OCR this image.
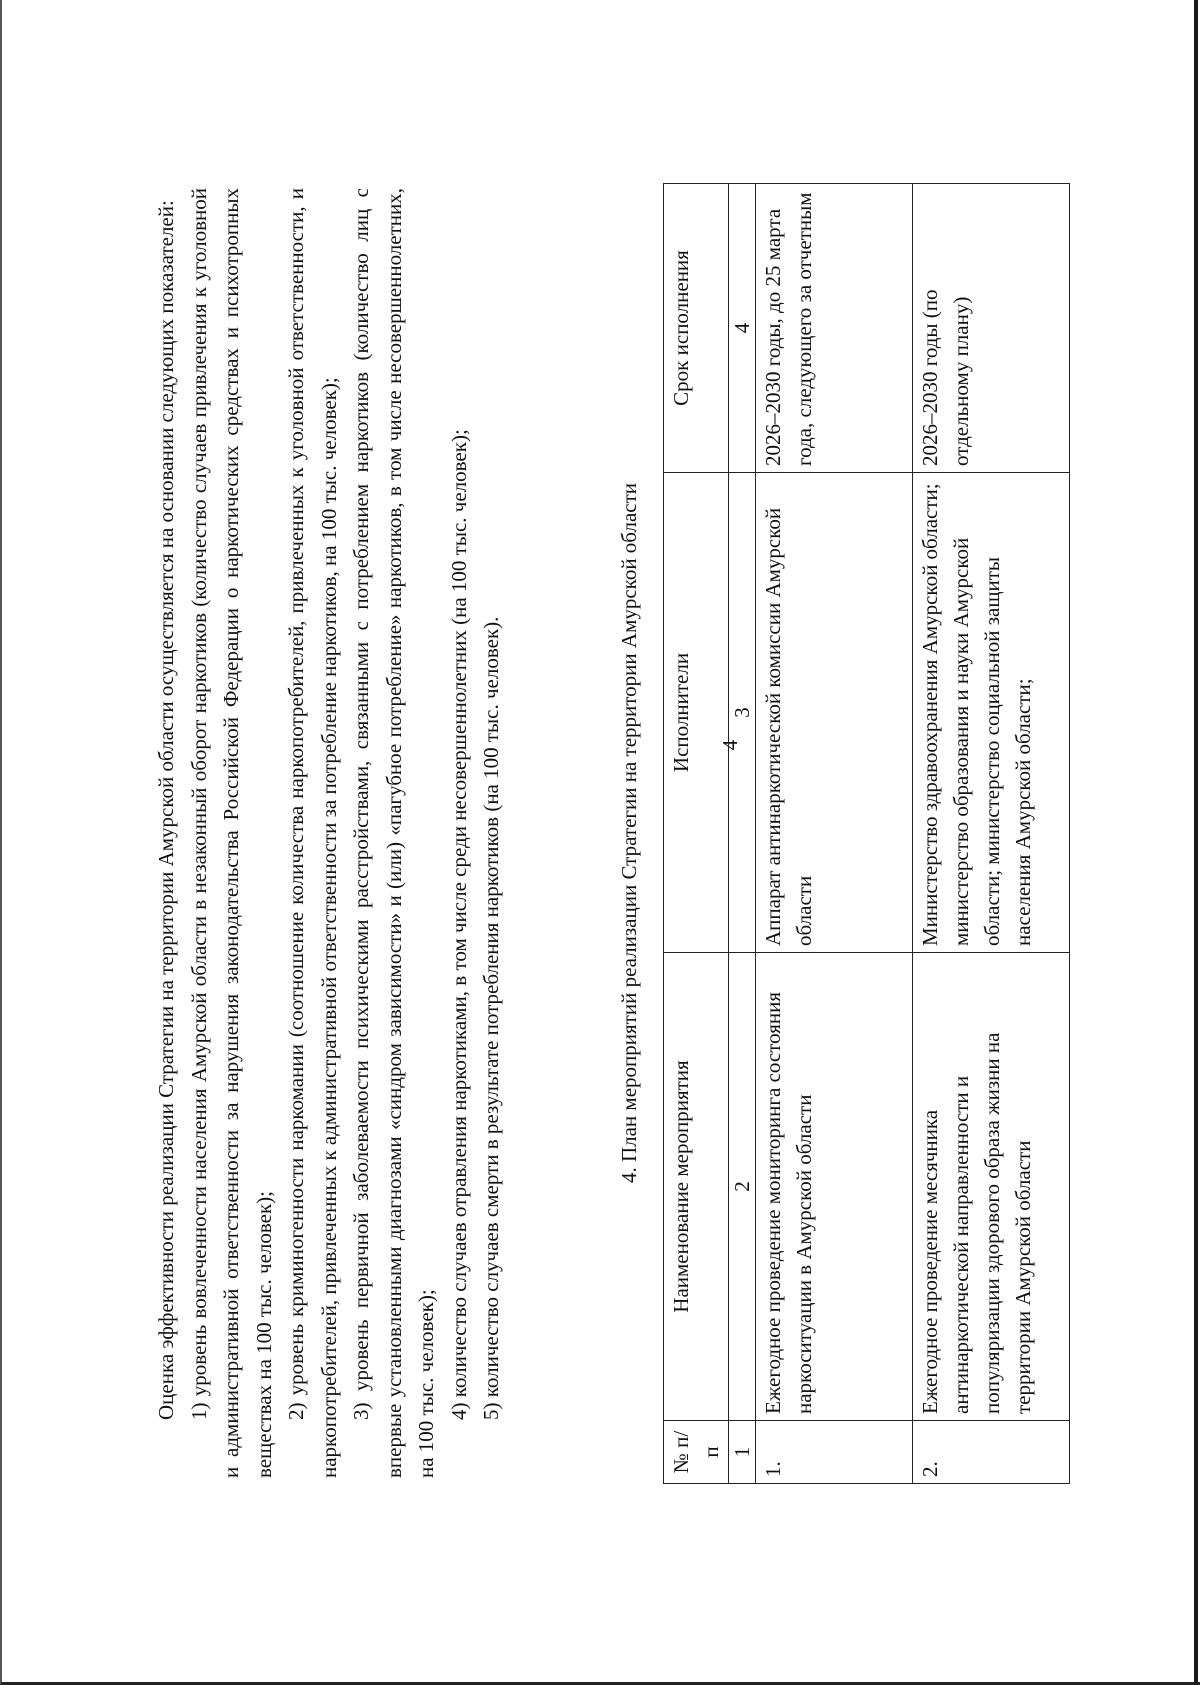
4

Оценка эффективности реализации Стратегии на территории Амурской области осуществляется на основании следующих показателей: 1) уровень вовлеченности населения Амурской области в незаконный оборот наркотиков (количество случаев привлечения к уголовной и административной ответственности за нарушения законодательства Российской Федерации о наркотических средствах и психотропных веществах на 100 тыс. человек); 2) уровень криминогенности наркомании (соотношение количества наркопотребителей, привлеченных к уголовной ответственности, и наркопотребителей, привлеченных к административной ответственности за потребление наркотиков, на 100 тыс. человек); 3) уровень первичной заболеваемости психическими расстройствами, связанными с потреблением наркотиков (количество лиц с впервые установленными диагнозами «синдром зависимости» и (или) «пагубное потребление» наркотиков, в том числе несовершеннолетних, на 100 тыс. человек); 4) количество случаев отравления наркотиками, в том числе среди несовершеннолетних (на 100 тыс. человек); 5) количество случаев смерти в результате потребления наркотиков (на 100 тыс. человек).	4. План мероприятий реализации Стратегии на территории Амурской области
№ п/п	Наименование мероприятия	Исполнители	Срок исполнения
1	2	3	4
1.	Ежегодное проведение мониторинга состояния наркоситуации в Амурской области	Аппарат антинаркотической комиссии Амурской области	2026–2030 годы, до 25 марта года, следующего за отчетным
2.	Ежегодное проведение месячника антинаркотической направленности и популяризации здорового образа жизни на территории Амурской области	Министерство здравоохранения Амурской области; министерство образования и науки Амурской области; министерство социальной защиты населения Амурской области;	2026–2030 годы (по отдельному плану)
